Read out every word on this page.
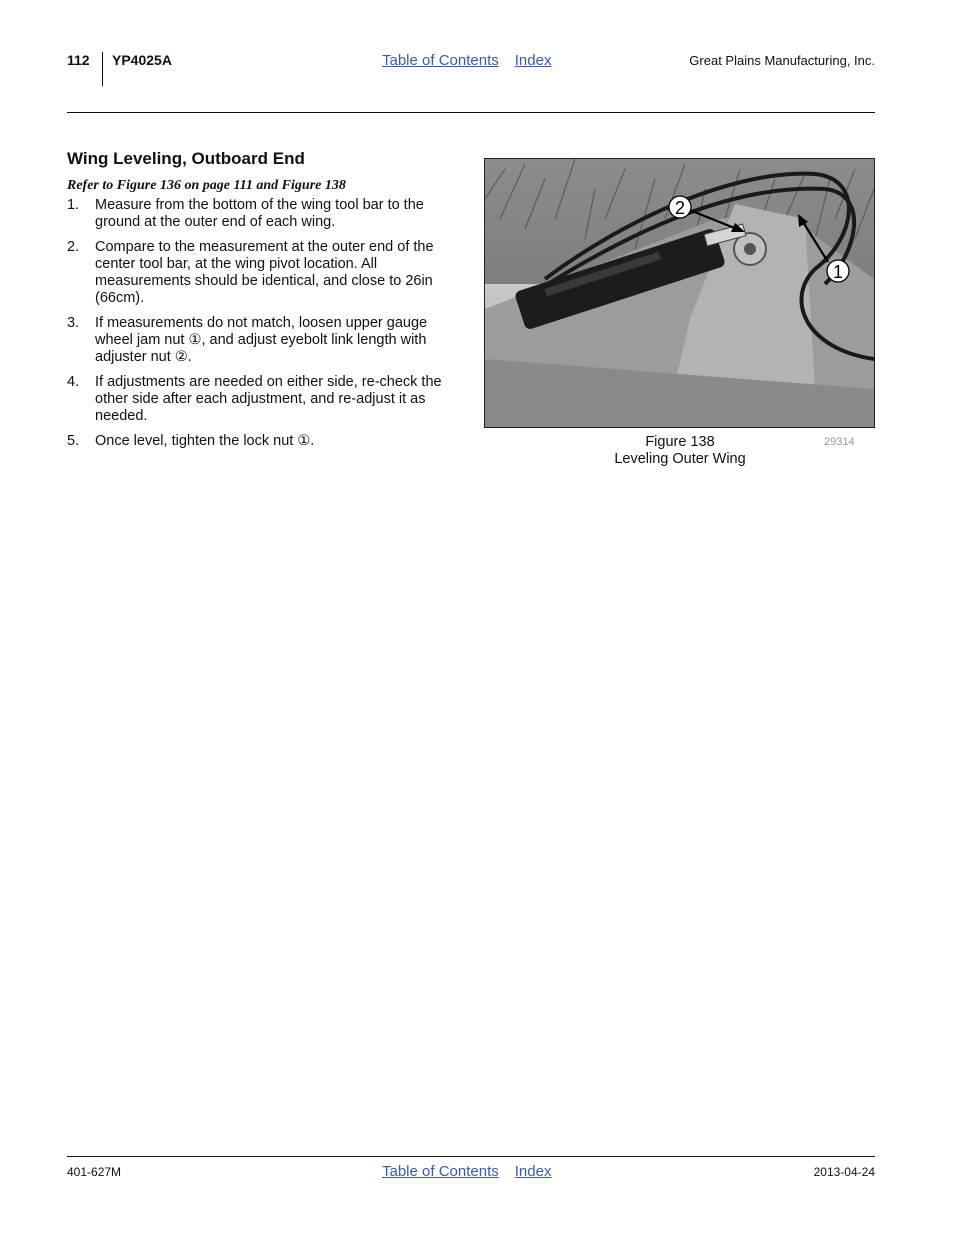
112 YP4025A	Table of Contents Index	Great Plains Manufacturing, Inc.
Wing Leveling, Outboard End
Refer to Figure 136 on page 111 and Figure 138
1. Measure from the bottom of the wing tool bar to the ground at the outer end of each wing.
2. Compare to the measurement at the outer end of the center tool bar, at the wing pivot location. All measurements should be identical, and close to 26in (66cm).
3. If measurements do not match, loosen upper gauge wheel jam nut ①, and adjust eyebolt link length with adjuster nut ②.
4. If adjustments are needed on either side, re-check the other side after each adjustment, and re-adjust it as needed.
5. Once level, tighten the lock nut ①.
2
1
Figure 138
Leveling Outer Wing
29314
401-627M	Table of Contents Index	2013-04-24
